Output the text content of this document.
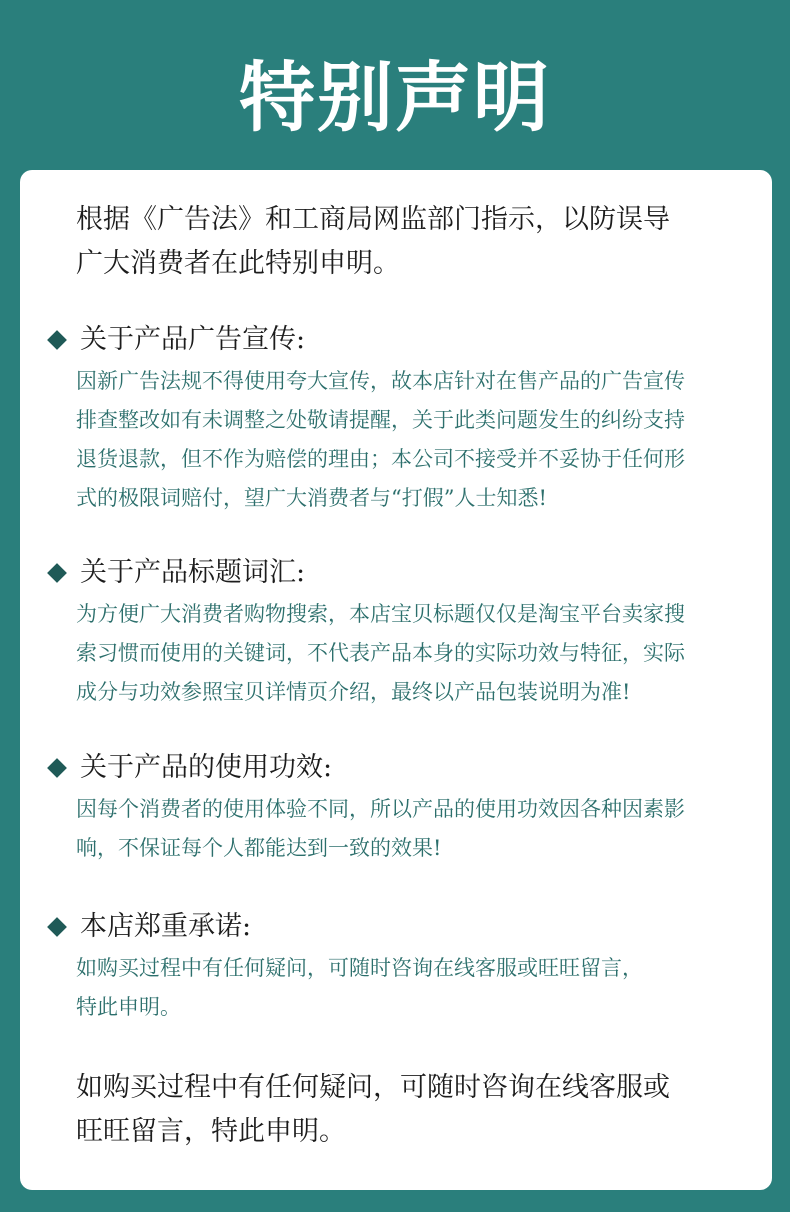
特别声明
根据《广告法》和工商局网监部门指示，以防误导
广大消费者在此特别申明。
关于产品广告宣传:
因新广告法规不得使用夸大宣传，故本店针对在售产品的广告宣传
排查整改如有未调整之处敬请提醒，关于此类问题发生的纠纷支持
退货退款，但不作为赔偿的理由；本公司不接受并不妥协于任何形
式的极限词赔付，望广大消费者与“打假”人士知悉!
关于产品标题词汇:
为方便广大消费者购物搜索，本店宝贝标题仅仅是淘宝平台卖家搜
索习惯而使用的关键词，不代表产品本身的实际功效与特征，实际
成分与功效参照宝贝详情页介绍，最终以产品包装说明为准!
关于产品的使用功效:
因每个消费者的使用体验不同，所以产品的使用功效因各种因素影
响，不保证每个人都能达到一致的效果!
本店郑重承诺:
如购买过程中有任何疑问，可随时咨询在线客服或旺旺留言，
特此申明。
如购买过程中有任何疑问，可随时咨询在线客服或
旺旺留言，特此申明。
